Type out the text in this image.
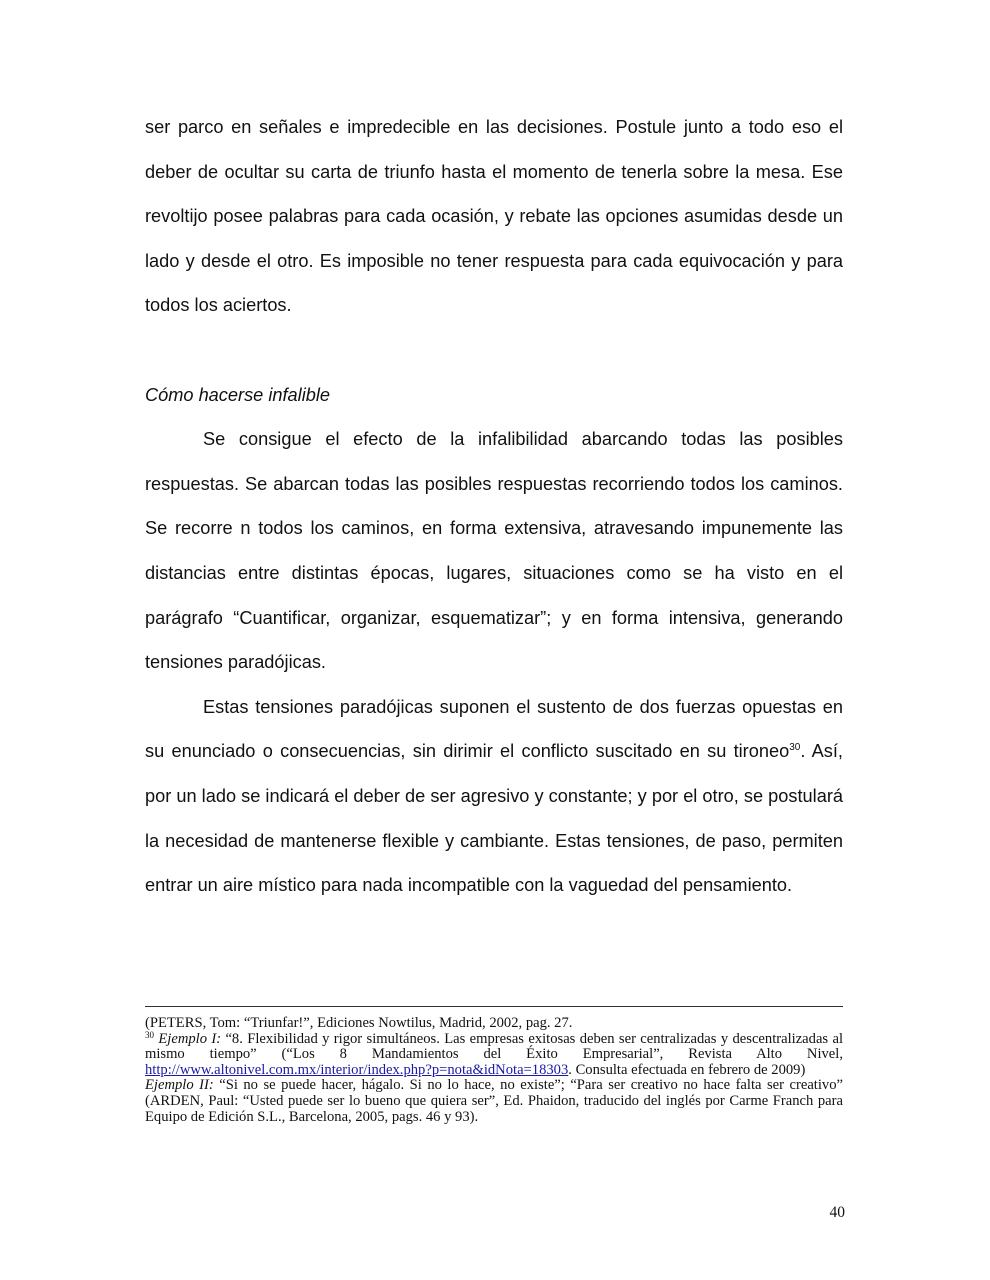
ser parco en señales e impredecible en las decisiones. Postule junto a todo eso el deber de ocultar su carta de triunfo hasta el momento de tenerla sobre la mesa. Ese revoltijo posee palabras para cada ocasión, y rebate las opciones asumidas desde un lado y desde el otro. Es imposible no tener respuesta para cada equivocación y para todos los aciertos.

Cómo hacerse infalible

Se consigue el efecto de la infalibilidad abarcando todas las posibles respuestas. Se abarcan todas las posibles respuestas recorriendo todos los caminos. Se recorre n todos los caminos, en forma extensiva, atravesando impunemente las distancias entre distintas épocas, lugares, situaciones como se ha visto en el parágrafo “Cuantificar, organizar, esquematizar”; y en forma intensiva, generando tensiones paradójicas.

Estas tensiones paradójicas suponen el sustento de dos fuerzas opuestas en su enunciado o consecuencias, sin dirimir el conflicto suscitado en su tironeo$^{30}$. Así, por un lado se indicará el deber de ser agresivo y constante; y por el otro, se postulará la necesidad de mantenerse flexible y cambiante. Estas tensiones, de paso, permiten entrar un aire místico para nada incompatible con la vaguedad del pensamiento.

(PETERS, Tom: “Triunfar!”, Ediciones Nowtilus, Madrid, 2002, pag. 27.

$^{30}$ Ejemplo I: “8. Flexibilidad y rigor simultáneos. Las empresas exitosas deben ser centralizadas y descentralizadas al mismo tiempo” (“Los 8 Mandamientos del Éxito Empresarial”, Revista Alto Nivel, http://www.altonivel.com.mx/interior/index.php?p=nota&idNota=18303. Consulta efectuada en febrero de 2009)

Ejemplo II: “Si no se puede hacer, hágalo. Si no lo hace, no existe”; “Para ser creativo no hace falta ser creativo” (ARDEN, Paul: “Usted puede ser lo bueno que quiera ser”, Ed. Phaidon, traducido del inglés por Carme Franch para Equipo de Edición S.L., Barcelona, 2005, pags. 46 y 93).

40
